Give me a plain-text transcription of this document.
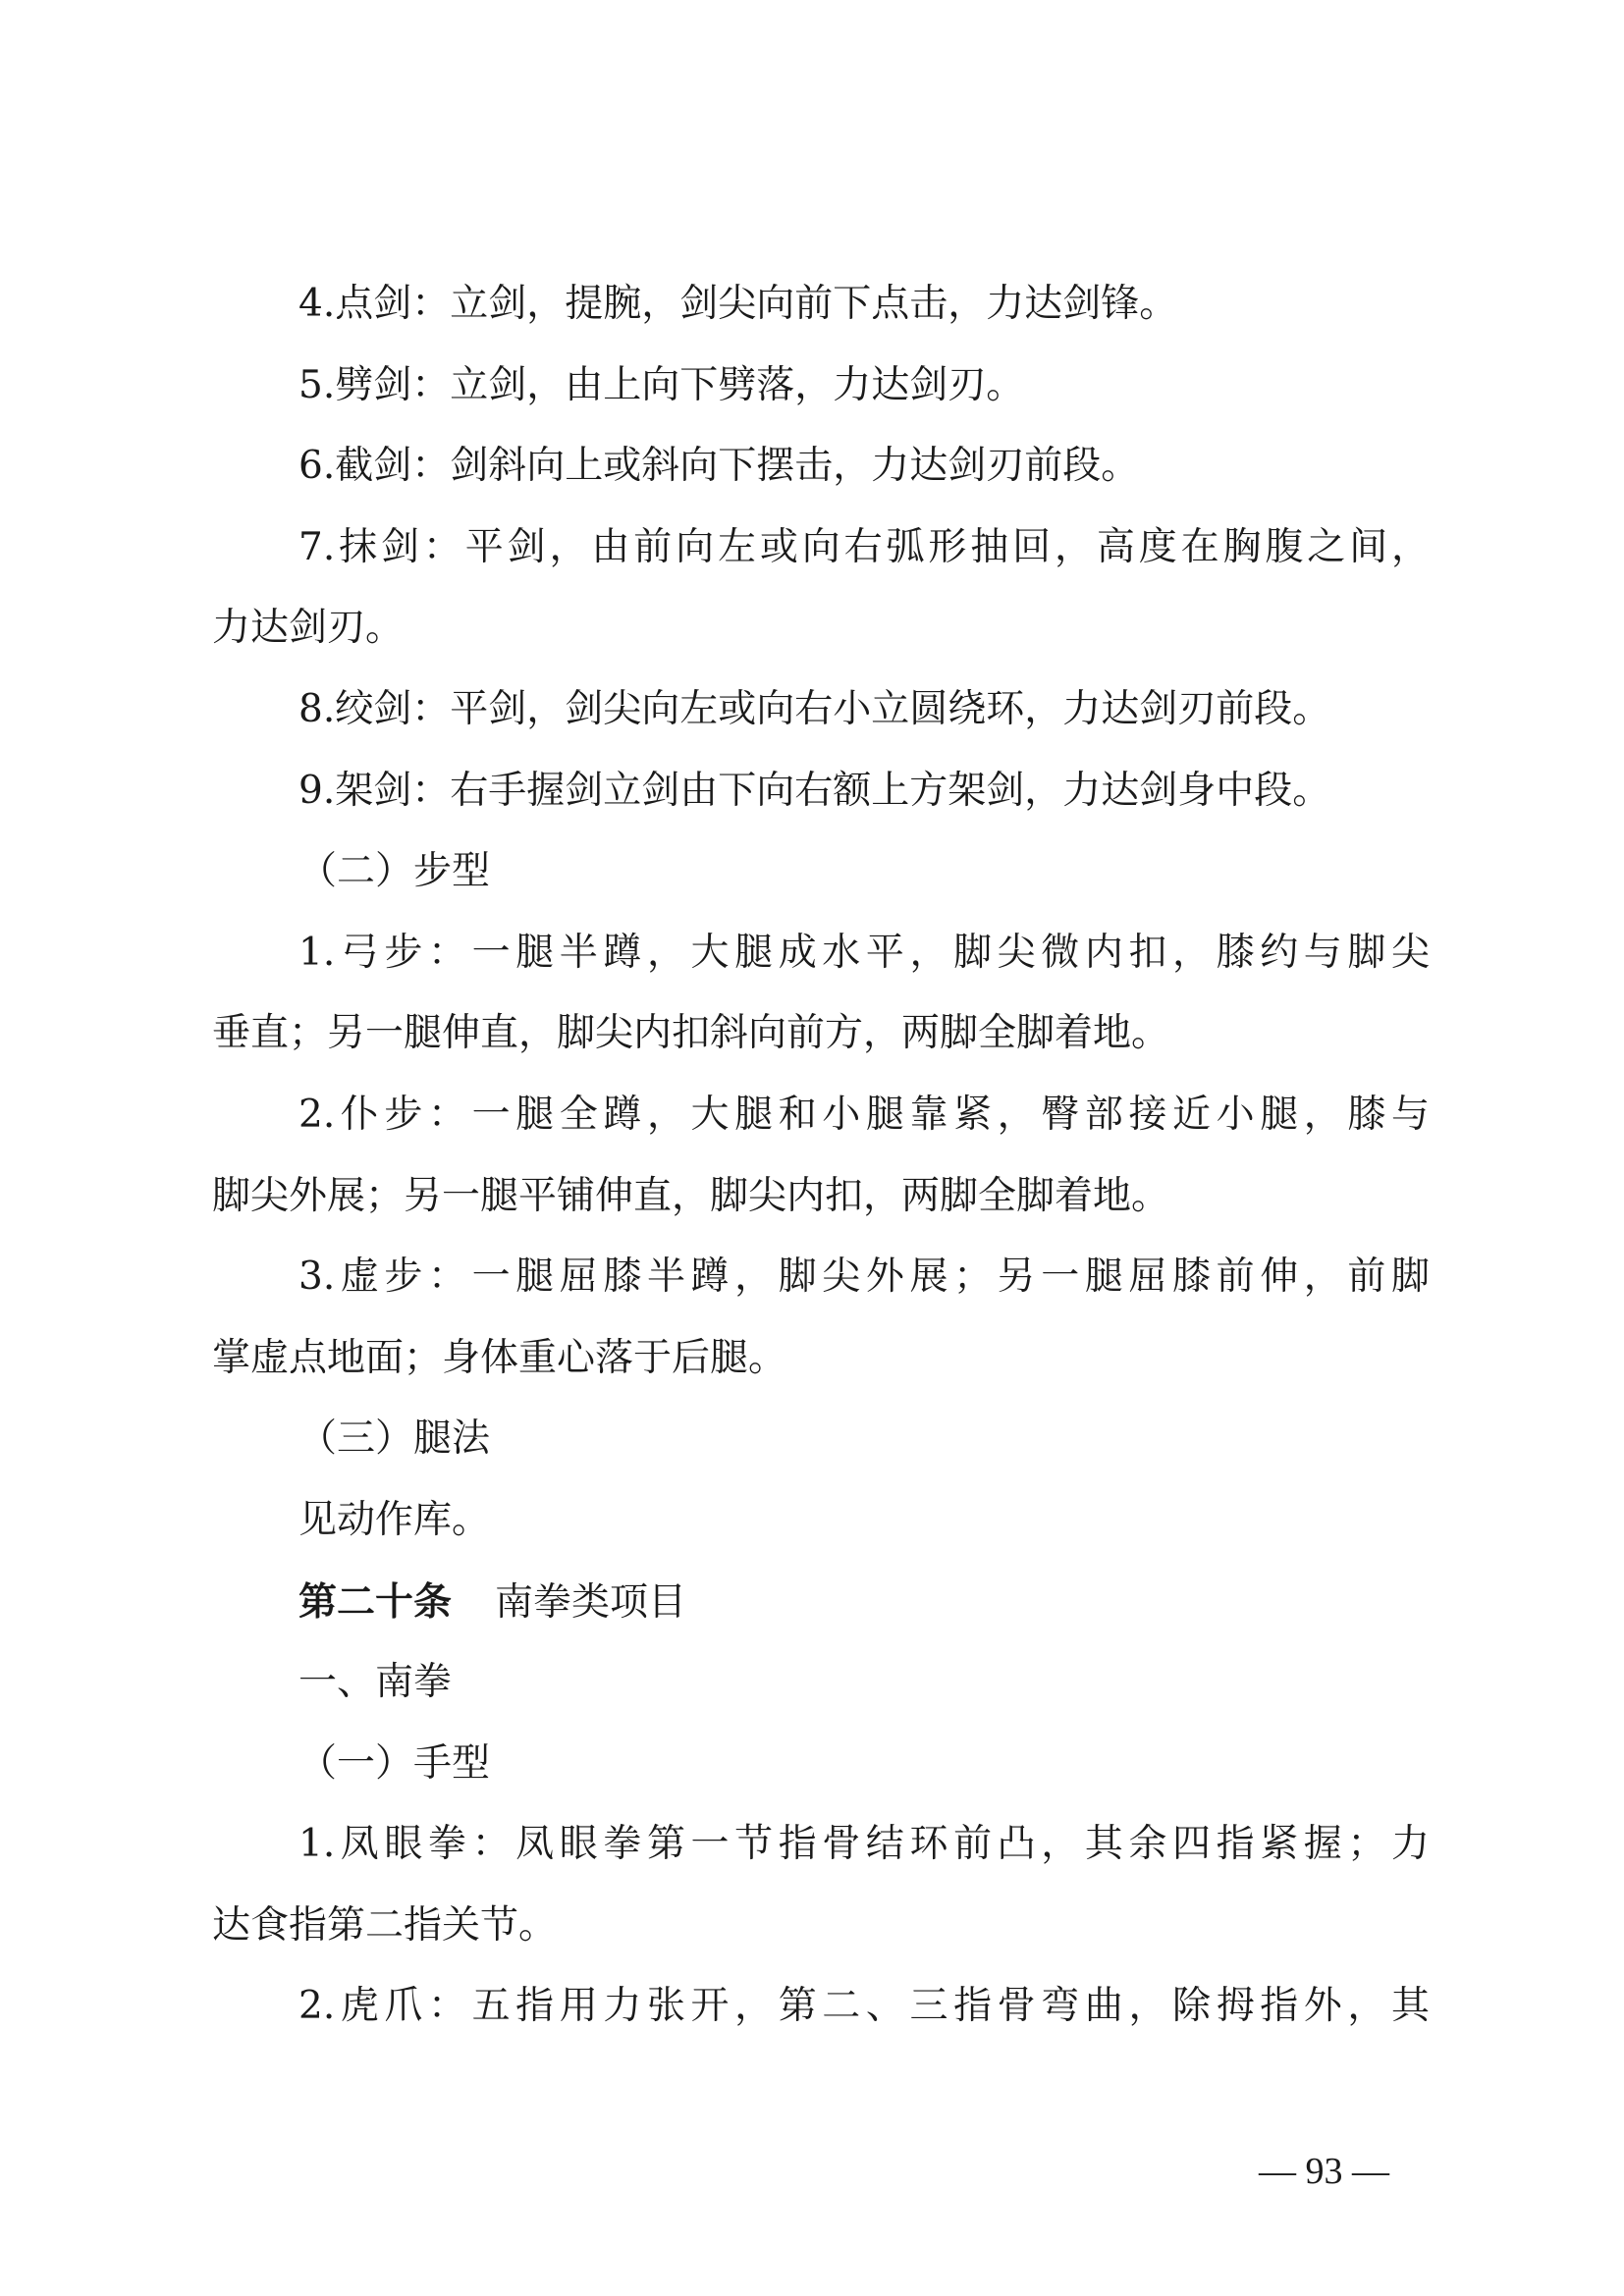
4.点剑：立剑，提腕，剑尖向前下点击，力达剑锋。
5.劈剑：立剑，由上向下劈落，力达剑刃。
6.截剑：剑斜向上或斜向下摆击，力达剑刃前段。
7.抹剑：平剑，由前向左或向右弧形抽回，高度在胸腹之间，
力达剑刃。
8.绞剑：平剑，剑尖向左或向右小立圆绕环，力达剑刃前段。
9.架剑：右手握剑立剑由下向右额上方架剑，力达剑身中段。
（二）步型
1.弓步：一腿半蹲，大腿成水平，脚尖微内扣，膝约与脚尖
垂直；另一腿伸直，脚尖内扣斜向前方，两脚全脚着地。
2.仆步：一腿全蹲，大腿和小腿靠紧，臀部接近小腿，膝与
脚尖外展；另一腿平铺伸直，脚尖内扣，两脚全脚着地。
3.虚步：一腿屈膝半蹲，脚尖外展；另一腿屈膝前伸，前脚
掌虚点地面；身体重心落于后腿。
（三）腿法
见动作库。
第二十条 南拳类项目
一、南拳
（一）手型
1.凤眼拳：凤眼拳第一节指骨结环前凸，其余四指紧握；力
达食指第二指关节。
2.虎爪：五指用力张开，第二、三指骨弯曲，除拇指外，其
— 93 —
